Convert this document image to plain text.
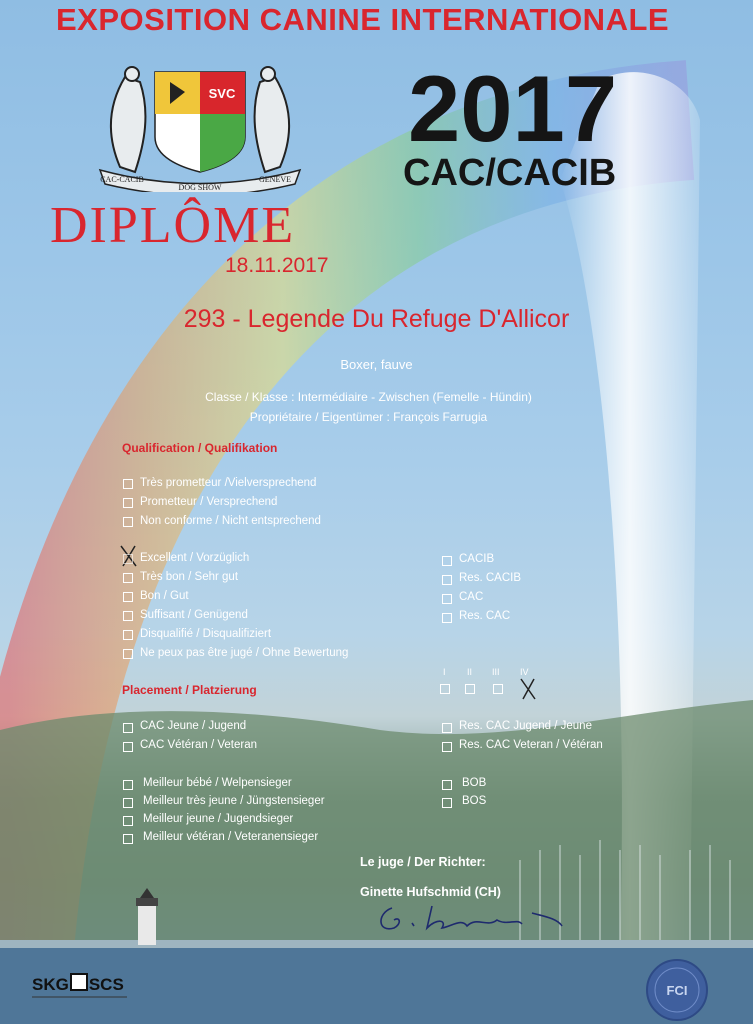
EXPOSITION CANINE INTERNATIONALE
SVC
CAC-CACIB
DOG SHOW
GENEVE
2017
CAC/CACIB
DIPLÔME
18.11.2017
293 - Legende Du Refuge D'Allicor
Boxer, fauve
Classe / Klasse : Intermédiaire - Zwischen (Femelle - Hündin)
Propriétaire / Eigentümer : François Farrugia
Qualification / Qualifikation
Très prometteur /Vielversprechend
Prometteur / Versprechend
Non conforme / Nicht entsprechend
Excellent / Vorzüglich
Très bon / Sehr gut
Bon / Gut
Suffisant / Genügend
Disqualifié / Disqualifiziert
Ne peux pas être jugé / Ohne Bewertung
CACIB
Res. CACIB
CAC
Res. CAC
Placement / Platzierung
I II III IV
CAC Jeune / Jugend
CAC Vétéran / Veteran
Res. CAC Jugend / Jeune
Res. CAC Veteran / Vétéran
Meilleur bébé / Welpensieger
Meilleur très jeune / Jüngstensieger
Meilleur jeune / Jugendsieger
Meilleur vétéran / Veteranensieger
BOB
BOS
Le juge / Der Richter:
Ginette Hufschmid (CH)
SKG SCS	FCI
